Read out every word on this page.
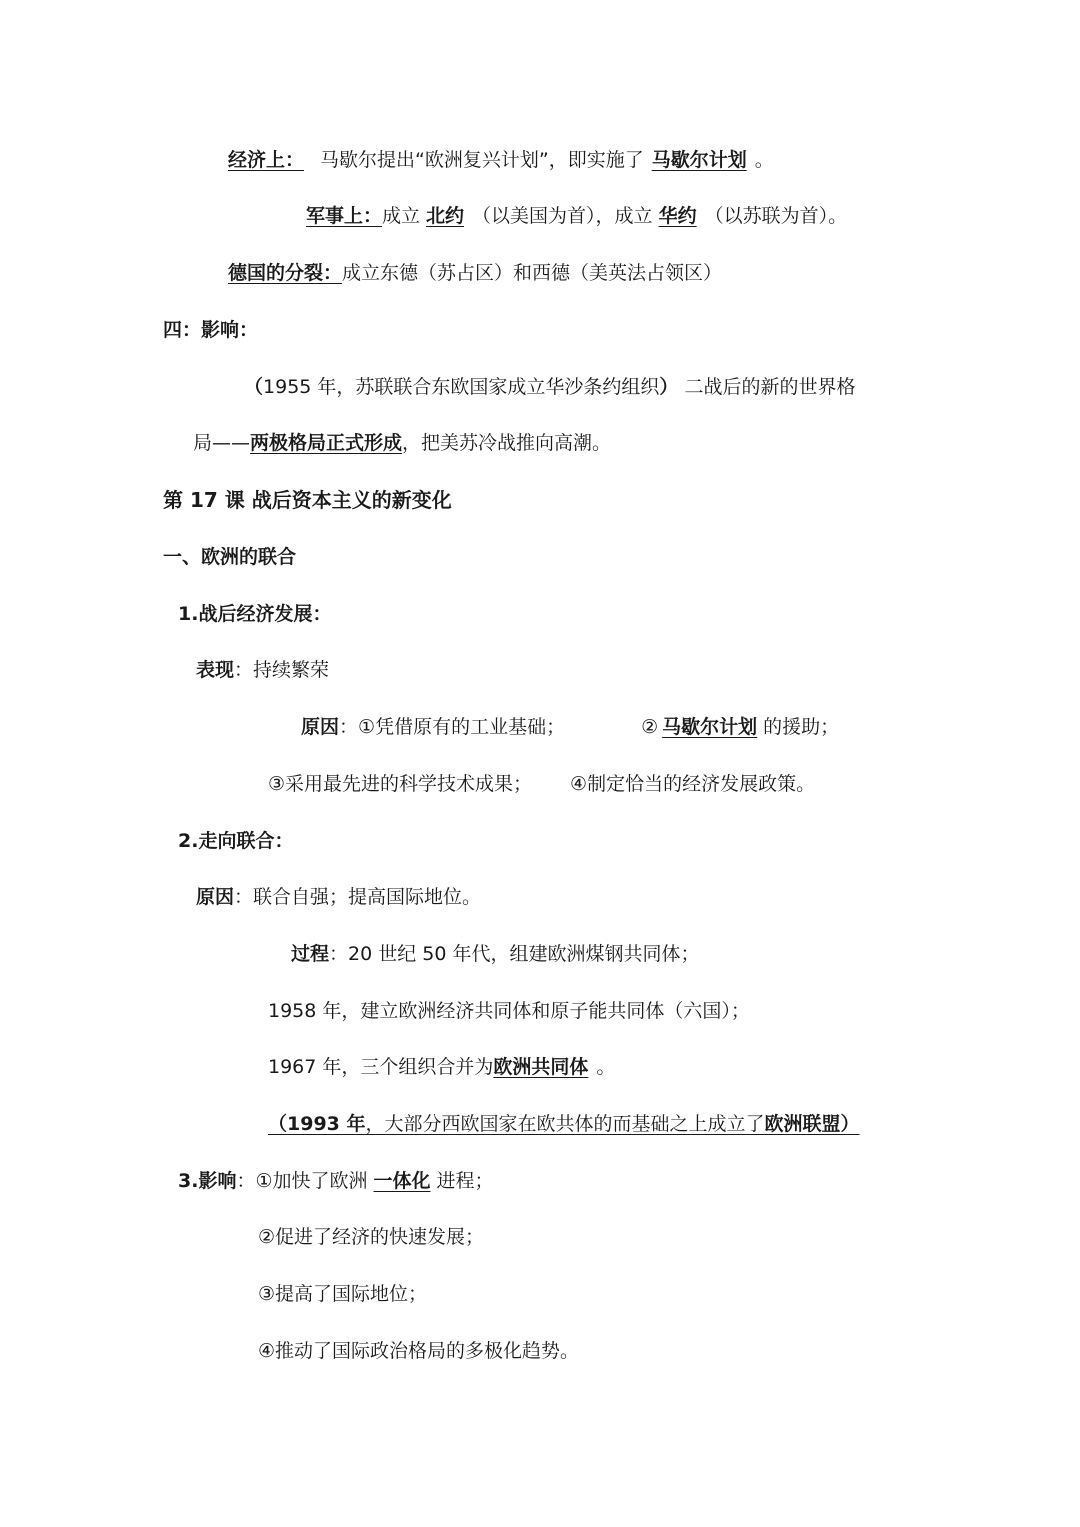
经济上： 马歇尔提出“欧洲复兴计划”，即实施了 马歇尔计划 。
军事上：成立 北约 （以美国为首），成立 华约 （以苏联为首）。
德国的分裂：成立东德（苏占区）和西德（美英法占领区）
四：影响：
（1955 年，苏联联合东欧国家成立华沙条约组织） 二战后的新的世界格
局——两极格局正式形成，把美苏冷战推向高潮。
第 17 课 战后资本主义的新变化
一、欧洲的联合
1.战后经济发展：
表现：持续繁荣
原因：①凭借原有的工业基础；	② 马歇尔计划 的援助；
③采用最先进的科学技术成果； ④制定恰当的经济发展政策。
2.走向联合：
原因：联合自强；提高国际地位。
过程：20 世纪 50 年代，组建欧洲煤钢共同体；
1958 年，建立欧洲经济共同体和原子能共同体（六国）；
1967 年，三个组织合并为欧洲共同体 。
（1993 年，大部分西欧国家在欧共体的而基础之上成立了欧洲联盟）
3.影响：①加快了欧洲 一体化 进程；
②促进了经济的快速发展；
③提高了国际地位；
④推动了国际政治格局的多极化趋势。
